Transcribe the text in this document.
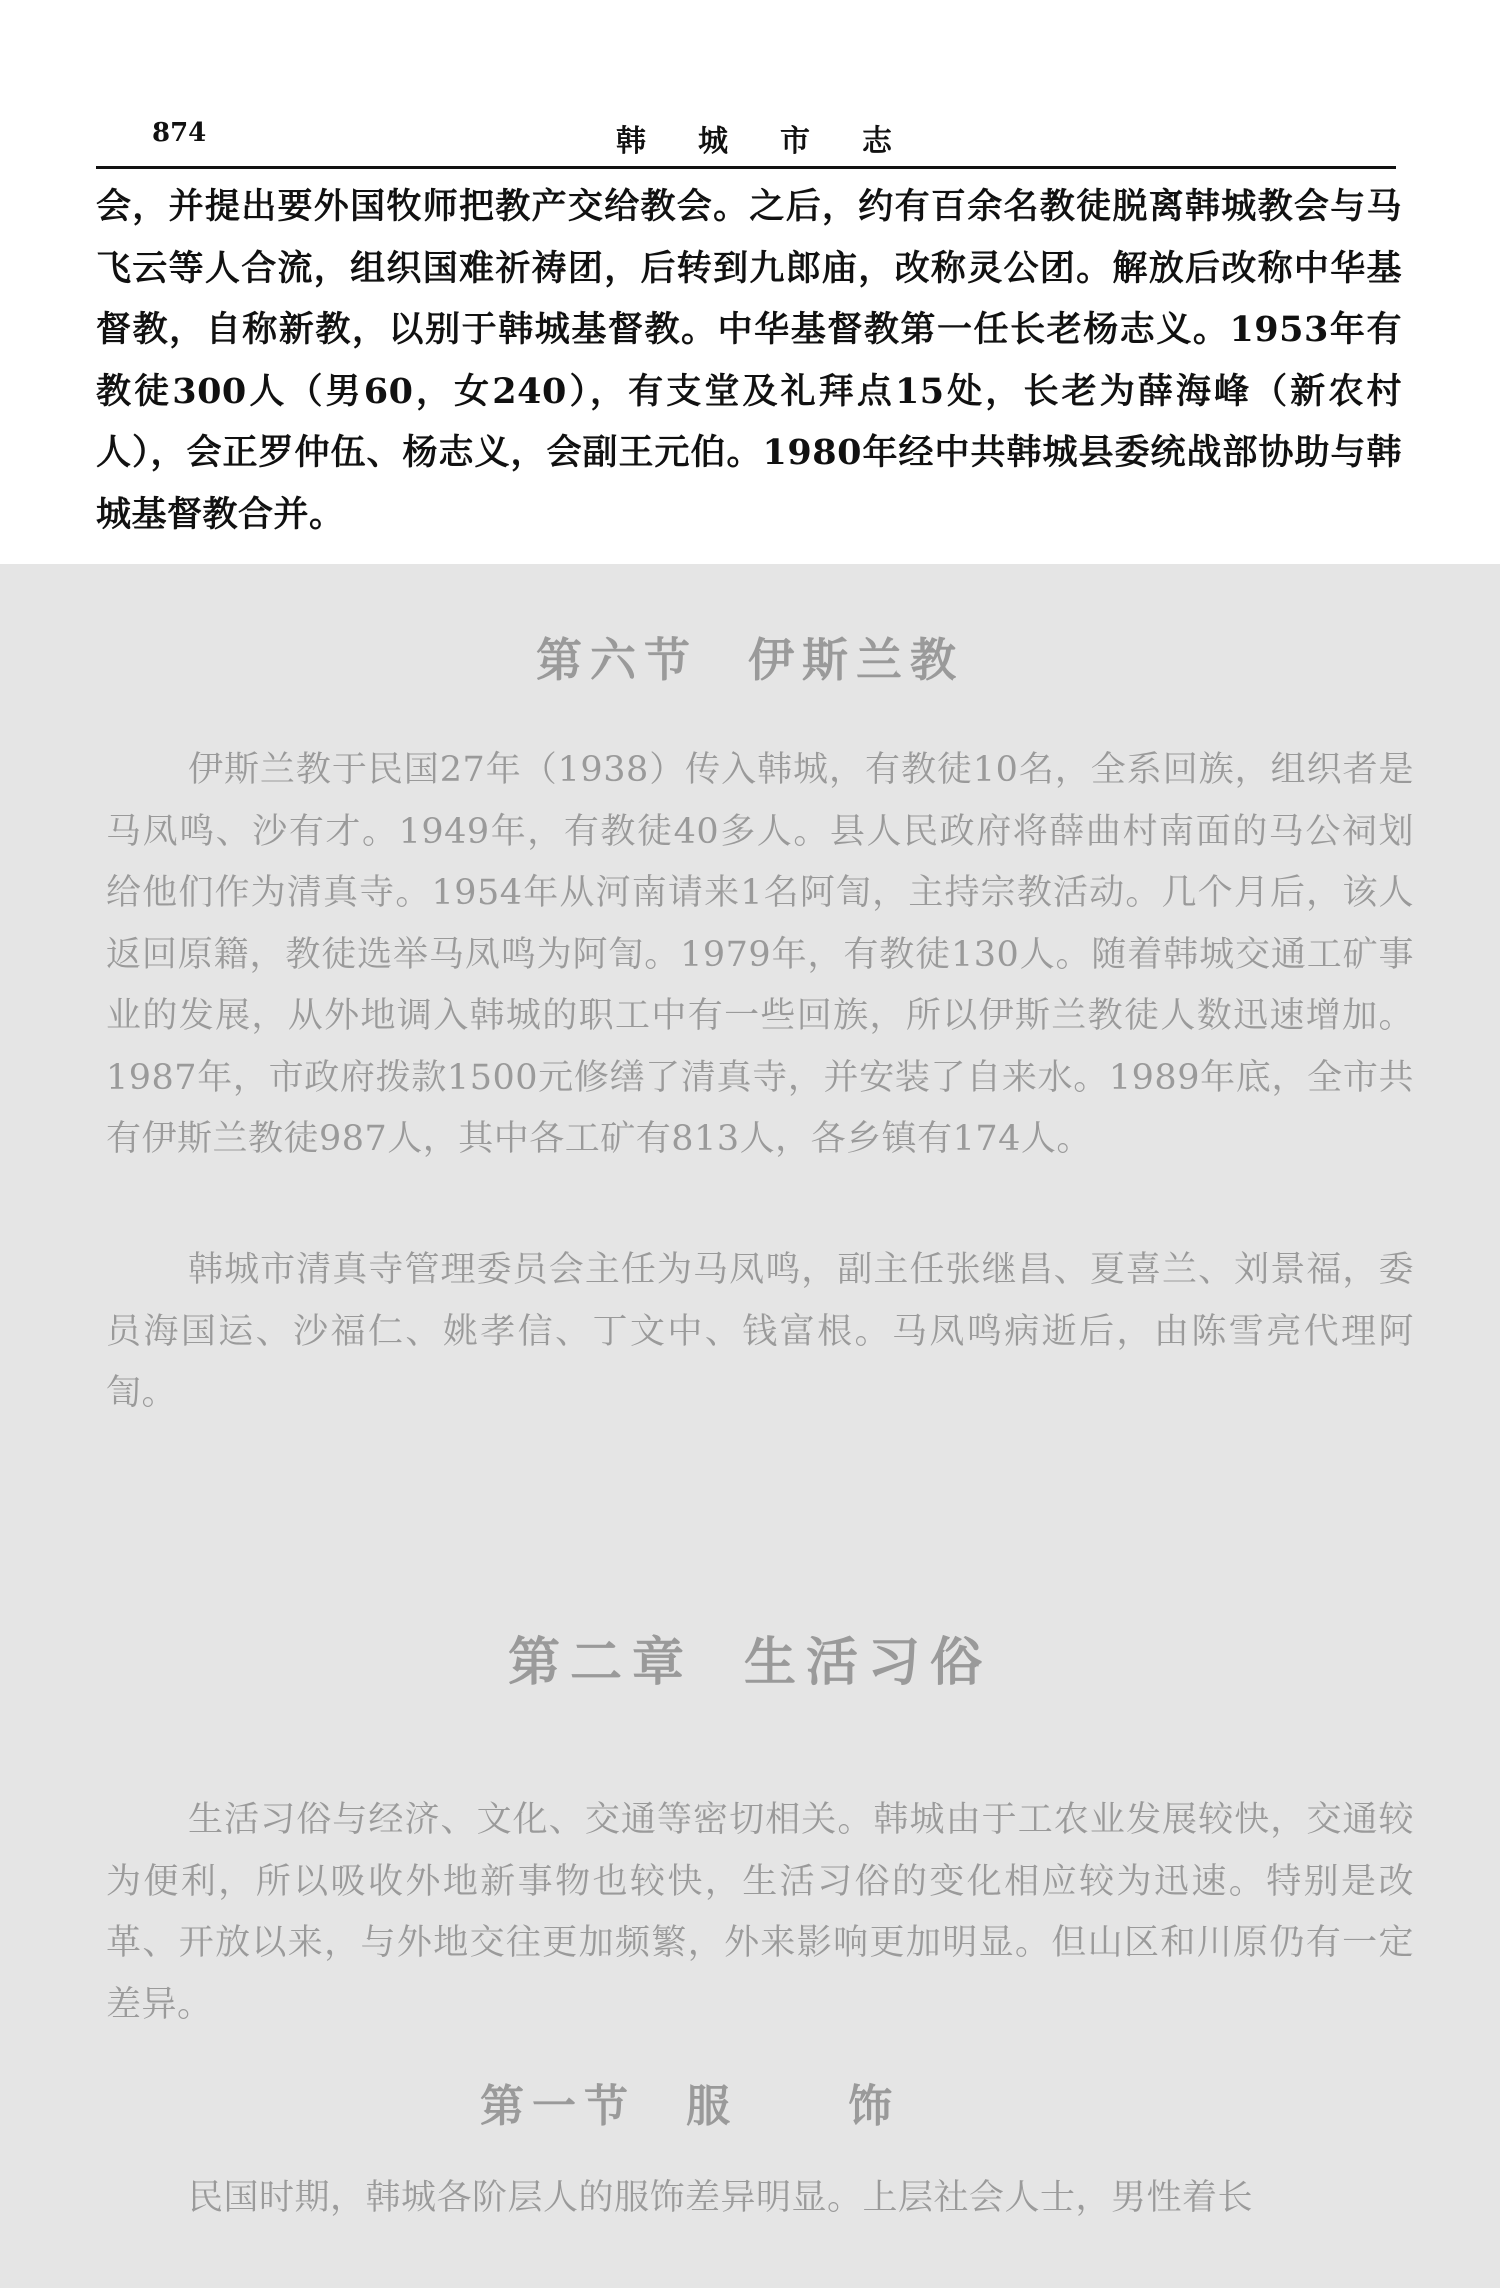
874	韩城市志

会，并提出要外国牧师把教产交给教会。之后，约有百余名教徒脱离韩城教会与马飞云等人合流，组织国难祈祷团，后转到九郎庙，改称灵公团。解放后改称中华基督教，自称新教，以别于韩城基督教。中华基督教第一任长老杨志义。1953年有教徒300人（男60，女240），有支堂及礼拜点15处，长老为薛海峰（新农村人），会正罗仲伍、杨志义，会副王元伯。1980年经中共韩城县委统战部协助与韩城基督教合并。

第六节 伊斯兰教

伊斯兰教于民国27年（1938）传入韩城，有教徒10名，全系回族，组织者是马凤鸣、沙有才。1949年，有教徒40多人。县人民政府将薛曲村南面的马公祠划给他们作为清真寺。1954年从河南请来1名阿訇，主持宗教活动。几个月后，该人返回原籍，教徒选举马凤鸣为阿訇。1979年，有教徒130人。随着韩城交通工矿事业的发展，从外地调入韩城的职工中有一些回族，所以伊斯兰教徒人数迅速增加。1987年，市政府拨款1500元修缮了清真寺，并安装了自来水。1989年底，全市共有伊斯兰教徒987人，其中各工矿有813人，各乡镇有174人。

韩城市清真寺管理委员会主任为马凤鸣，副主任张继昌、夏喜兰、刘景福，委员海国运、沙福仁、姚孝信、丁文中、钱富根。马凤鸣病逝后，由陈雪亮代理阿訇。

第二章 生活习俗

生活习俗与经济、文化、交通等密切相关。韩城由于工农业发展较快，交通较为便利，所以吸收外地新事物也较快，生活习俗的变化相应较为迅速。特别是改革、开放以来，与外地交往更加频繁，外来影响更加明显。但山区和川原仍有一定差异。

第一节 服	饰

民国时期，韩城各阶层人的服饰差异明显。上层社会人士，男性着长
